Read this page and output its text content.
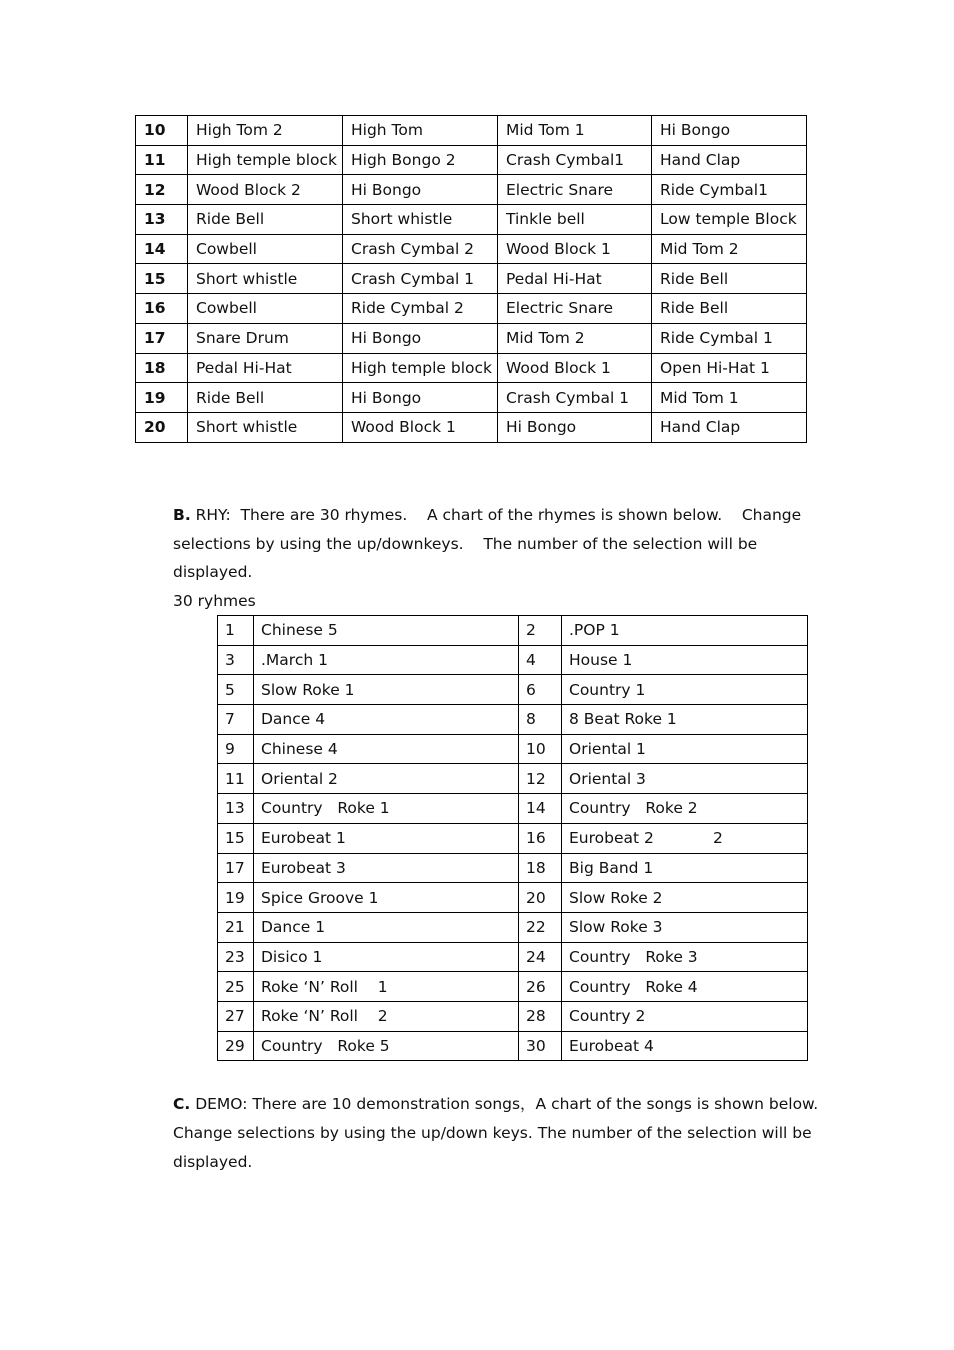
10	High Tom 2	High Tom	Mid Tom 1	Hi Bongo
11	High temple block	High Bongo 2	Crash Cymbal1	Hand Clap
12	Wood Block 2	Hi Bongo	Electric Snare	Ride Cymbal1
13	Ride Bell	Short whistle	Tinkle bell	Low temple Block
14	Cowbell	Crash Cymbal 2	Wood Block 1	Mid Tom 2
15	Short whistle	Crash Cymbal 1	Pedal Hi-Hat	Ride Bell
16	Cowbell	Ride Cymbal 2	Electric Snare	Ride Bell
17	Snare Drum	Hi Bongo	Mid Tom 2	Ride Cymbal 1
18	Pedal Hi-Hat	High temple block	Wood Block 1	Open Hi-Hat 1
19	Ride Bell	Hi Bongo	Crash Cymbal 1	Mid Tom 1
20	Short whistle	Wood Block 1	Hi Bongo	Hand Clap

B. RHY:  There are 30 rhymes.    A chart of the rhymes is shown below.    Change selections by using the up/downkeys.    The number of the selection will be displayed.

30 ryhmes

1	Chinese 5	2	.POP 1
3	.March 1	4	House 1
5	Slow Roke 1	6	Country 1
7	Dance 4	8	8 Beat Roke 1
9	Chinese 4	10	Oriental 1
11	Oriental 2	12	Oriental 3
13	Country   Roke 1	14	Country   Roke 2
15	Eurobeat 1	16	Eurobeat 2            2
17	Eurobeat 3	18	Big Band 1
19	Spice Groove 1	20	Slow Roke 2
21	Dance 1	22	Slow Roke 3
23	Disico 1	24	Country   Roke 3
25	Roke ‘N’ Roll    1	26	Country   Roke 4
27	Roke ‘N’ Roll    2	28	Country 2
29	Country   Roke 5	30	Eurobeat 4

C. DEMO: There are 10 demonstration songs，A chart of the songs is shown below. Change selections by using the up/down keys. The number of the selection will be displayed.
